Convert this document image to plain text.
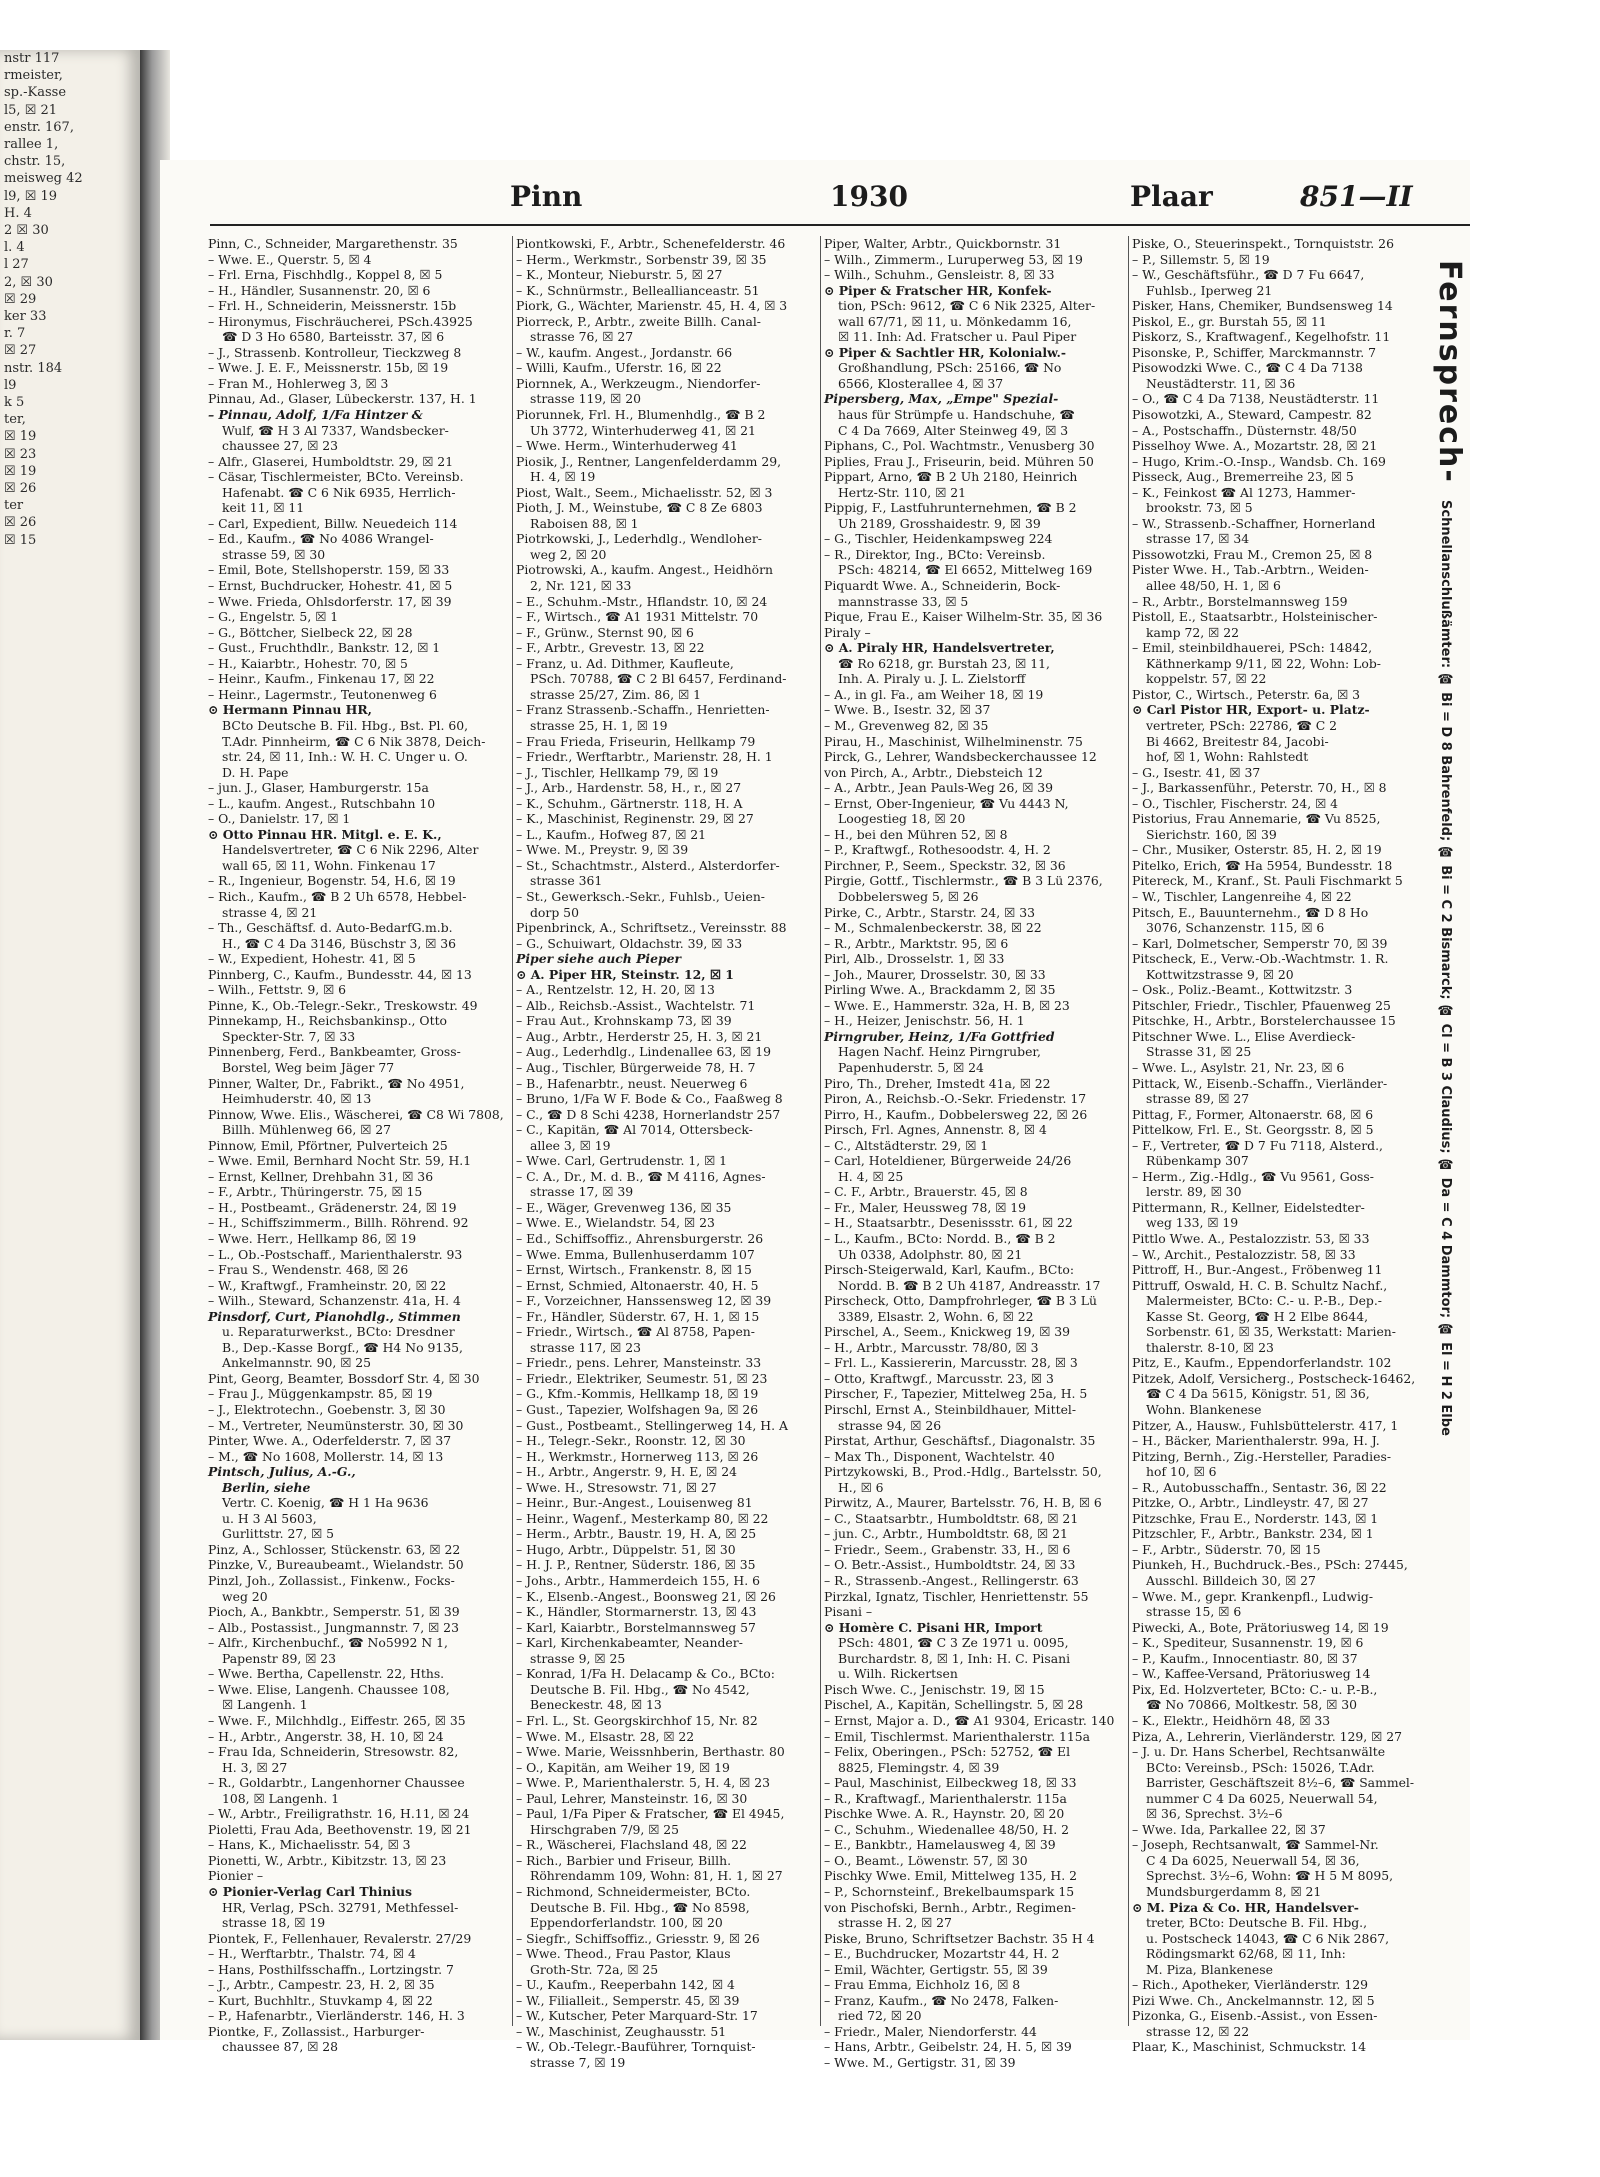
nstr 117
rmeister,
sp.-Kasse
l5, ☒ 21
enstr. 167,
rallee 1,
chstr. 15,
meisweg 42
l9, ☒ 19
H. 4
2 ☒ 30
l. 4
l 27
2, ☒ 30
☒ 29
ker 33
r. 7
☒ 27
nstr. 184
l9
k 5
ter,
☒ 19
☒ 23
☒ 19
☒ 26
ter
☒ 26
☒ 15
Pinn	1930	Plaar	851—II
Pinn, C., Schneider, Margarethenstr. 35
– Wwe. E., Querstr. 5, ☒ 4
– Frl. Erna, Fischhdlg., Koppel 8, ☒ 5
– H., Händler, Susannenstr. 20, ☒ 6
– Frl. H., Schneiderin, Meissnerstr. 15b
– Hironymus, Fischräucherei, PSch.43925
☎ D 3 Ho 6580, Barteisstr. 37, ☒ 6
– J., Strassenb. Kontrolleur, Tieckzweg 8
– Wwe. J. E. F., Meissnerstr. 15b, ☒ 19
– Fran M., Hohlerweg 3, ☒ 3
Pinnau, Ad., Glaser, Lübeckerstr. 137, H. 1
– Pinnau, Adolf, 1/Fa Hintzer &
Wulf, ☎ H 3 Al 7337, Wandsbecker-
chaussee 27, ☒ 23
– Alfr., Glaserei, Humboldtstr. 29, ☒ 21
– Cäsar, Tischlermeister, BCto. Vereinsb.
Hafenabt. ☎ C 6 Nik 6935, Herrlich-
keit 11, ☒ 11
– Carl, Expedient, Billw. Neuedeich 114
– Ed., Kaufm., ☎ No 4086 Wrangel-
strasse 59, ☒ 30
– Emil, Bote, Stellshoperstr. 159, ☒ 33
– Ernst, Buchdrucker, Hohestr. 41, ☒ 5
– Wwe. Frieda, Ohlsdorferstr. 17, ☒ 39
– G., Engelstr. 5, ☒ 1
– G., Böttcher, Sielbeck 22, ☒ 28
– Gust., Fruchthdlr., Bankstr. 12, ☒ 1
– H., Kaiarbtr., Hohestr. 70, ☒ 5
– Heinr., Kaufm., Finkenau 17, ☒ 22
– Heinr., Lagermstr., Teutonenweg 6
⊙ Hermann Pinnau HR,
BCto Deutsche B. Fil. Hbg., Bst. Pl. 60,
T.Adr. Pinnheirm, ☎ C 6 Nik 3878, Deich-
str. 24, ☒ 11, Inh.: W. H. C. Unger u. O.
D. H. Pape
– jun. J., Glaser, Hamburgerstr. 15a
– L., kaufm. Angest., Rutschbahn 10
– O., Danielstr. 17, ☒ 1
⊙ Otto Pinnau HR. Mitgl. e. E. K.,
Handelsvertreter, ☎ C 6 Nik 2296, Alter
wall 65, ☒ 11, Wohn. Finkenau 17
– R., Ingenieur, Bogenstr. 54, H.6, ☒ 19
– Rich., Kaufm., ☎ B 2 Uh 6578, Hebbel-
strasse 4, ☒ 21
– Th., Geschäftsf. d. Auto-BedarfG.m.b.
H., ☎ C 4 Da 3146, Büschstr 3, ☒ 36
– W., Expedient, Hohestr. 41, ☒ 5
Pinnberg, C., Kaufm., Bundesstr. 44, ☒ 13
– Wilh., Fettstr. 9, ☒ 6
Pinne, K., Ob.-Telegr.-Sekr., Treskowstr. 49
Pinnekamp, H., Reichsbankinsp., Otto
Speckter-Str. 7, ☒ 33
Pinnenberg, Ferd., Bankbeamter, Gross-
Borstel, Weg beim Jäger 77
Pinner, Walter, Dr., Fabrikt., ☎ No 4951,
Heimhuderstr. 40, ☒ 13
Pinnow, Wwe. Elis., Wäscherei, ☎ C8 Wi 7808,
Billh. Mühlenweg 66, ☒ 27
Pinnow, Emil, Pförtner, Pulverteich 25
– Wwe. Emil, Bernhard Nocht Str. 59, H.1
– Ernst, Kellner, Drehbahn 31, ☒ 36
– F., Arbtr., Thüringerstr. 75, ☒ 15
– H., Postbeamt., Grädenerstr. 24, ☒ 19
– H., Schiffszimmerm., Billh. Röhrend. 92
– Wwe. Herr., Hellkamp 86, ☒ 19
– L., Ob.-Postschaff., Marienthalerstr. 93
– Frau S., Wendenstr. 468, ☒ 26
– W., Kraftwgf., Framheinstr. 20, ☒ 22
– Wilh., Steward, Schanzenstr. 41a, H. 4
Pinsdorf, Curt, Pianohdlg., Stimmen
u. Reparaturwerkst., BCto: Dresdner
B., Dep.-Kasse Borgf., ☎ H4 No 9135,
Ankelmannstr. 90, ☒ 25
Pint, Georg, Beamter, Bossdorf Str. 4, ☒ 30
– Frau J., Müggenkampstr. 85, ☒ 19
– J., Elektrotechn., Goebenstr. 3, ☒ 30
– M., Vertreter, Neumünsterstr. 30, ☒ 30
Pinter, Wwe. A., Oderfelderstr. 7, ☒ 37
– M., ☎ No 1608, Mollerstr. 14, ☒ 13
Pintsch, Julius, A.-G.,
Berlin, siehe
Vertr. C. Koenig, ☎ H 1 Ha 9636
u. H 3 Al 5603,
Gurlittstr. 27, ☒ 5
Pinz, A., Schlosser, Stückenstr. 63, ☒ 22
Pinzke, V., Bureaubeamt., Wielandstr. 50
Pinzl, Joh., Zollassist., Finkenw., Focks-
weg 20
Pioch, A., Bankbtr., Semperstr. 51, ☒ 39
– Alb., Postassist., Jungmannstr. 7, ☒ 23
– Alfr., Kirchenbuchf., ☎ No5992 N 1,
Papenstr 89, ☒ 23
– Wwe. Bertha, Capellenstr. 22, Hths.
– Wwe. Elise, Langenh. Chaussee 108,
☒ Langenh. 1
– Wwe. F., Milchhdlg., Eiffestr. 265, ☒ 35
– H., Arbtr., Angerstr. 38, H. 10, ☒ 24
– Frau Ida, Schneiderin, Stresowstr. 82,
H. 3, ☒ 27
– R., Goldarbtr., Langenhorner Chaussee
108, ☒ Langenh. 1
– W., Arbtr., Freiligrathstr. 16, H.11, ☒ 24
Pioletti, Frau Ada, Beethovenstr. 19, ☒ 21
– Hans, K., Michaelisstr. 54, ☒ 3
Pionetti, W., Arbtr., Kibitzstr. 13, ☒ 23
Pionier –
⊙ Pionier-Verlag Carl Thinius
HR, Verlag, PSch. 32791, Methfessel-
strasse 18, ☒ 19
Piontek, F., Fellenhauer, Revalerstr. 27/29
– H., Werftarbtr., Thalstr. 74, ☒ 4
– Hans, Posthilfsschaffn., Lortzingstr. 7
– J., Arbtr., Campestr. 23, H. 2, ☒ 35
– Kurt, Buchhltr., Stuvkamp 4, ☒ 22
– P., Hafenarbtr., Vierländerstr. 146, H. 3
Piontke, F., Zollassist., Harburger-
chaussee 87, ☒ 28
Piontkowski, F., Arbtr., Schenefelderstr. 46
– Herm., Werkmstr., Sorbenstr 39, ☒ 35
– K., Monteur, Nieburstr. 5, ☒ 27
– K., Schnürmstr., Belleallianceastr. 51
Piork, G., Wächter, Marienstr. 45, H. 4, ☒ 3
Piorreck, P., Arbtr., zweite Billh. Canal-
strasse 76, ☒ 27
– W., kaufm. Angest., Jordanstr. 66
– Willi, Kaufm., Uferstr. 16, ☒ 22
Piornnek, A., Werkzeugm., Niendorfer-
strasse 119, ☒ 20
Piorunnek, Frl. H., Blumenhdlg., ☎ B 2
Uh 3772, Winterhuderweg 41, ☒ 21
– Wwe. Herm., Winterhuderweg 41
Piosik, J., Rentner, Langenfelderdamm 29,
H. 4, ☒ 19
Piost, Walt., Seem., Michaelisstr. 52, ☒ 3
Pioth, J. M., Weinstube, ☎ C 8 Ze 6803
Raboisen 88, ☒ 1
Piotrkowski, J., Lederhdlg., Wendloher-
weg 2, ☒ 20
Piotrowski, A., kaufm. Angest., Heidhörn
2, Nr. 121, ☒ 33
– E., Schuhm.-Mstr., Hflandstr. 10, ☒ 24
– F., Wirtsch., ☎ A1 1931 Mittelstr. 70
– F., Grünw., Sternst 90, ☒ 6
– F., Arbtr., Grevestr. 13, ☒ 22
– Franz, u. Ad. Dithmer, Kaufleute,
PSch. 70788, ☎ C 2 Bl 6457, Ferdinand-
strasse 25/27, Zim. 86, ☒ 1
– Franz Strassenb.-Schaffn., Henrietten-
strasse 25, H. 1, ☒ 19
– Frau Frieda, Friseurin, Hellkamp 79
– Friedr., Werftarbtr., Marienstr. 28, H. 1
– J., Tischler, Hellkamp 79, ☒ 19
– J., Arb., Hardenstr. 58, H., r., ☒ 27
– K., Schuhm., Gärtnerstr. 118, H. A
– K., Maschinist, Reginenstr. 29, ☒ 27
– L., Kaufm., Hofweg 87, ☒ 21
– Wwe. M., Preystr. 9, ☒ 39
– St., Schachtmstr., Alsterd., Alsterdorfer-
strasse 361
– St., Gewerksch.-Sekr., Fuhlsb., Ueien-
dorp 50
Pipenbrinck, A., Schriftsetz., Vereinsstr. 88
– G., Schuiwart, Oldachstr. 39, ☒ 33
Piper siehe auch Pieper
⊙ A. Piper HR, Steinstr. 12, ☒ 1
– A., Rentzelstr. 12, H. 20, ☒ 13
– Alb., Reichsb.-Assist., Wachtelstr. 71
– Frau Aut., Krohnskamp 73, ☒ 39
– Aug., Arbtr., Herderstr 25, H. 3, ☒ 21
– Aug., Lederhdlg., Lindenallee 63, ☒ 19
– Aug., Tischler, Bürgerweide 78, H. 7
– B., Hafenarbtr., neust. Neuerweg 6
– Bruno, 1/Fa W F. Bode & Co., Faaßweg 8
– C., ☎ D 8 Schi 4238, Hornerlandstr 257
– C., Kapitän, ☎ Al 7014, Ottersbeck-
allee 3, ☒ 19
– Wwe. Carl, Gertrudenstr. 1, ☒ 1
– C. A., Dr., M. d. B., ☎ M 4116, Agnes-
strasse 17, ☒ 39
– E., Wäger, Grevenweg 136, ☒ 35
– Wwe. E., Wielandstr. 54, ☒ 23
– Ed., Schiffsoffiz., Ahrensburgerstr. 26
– Wwe. Emma, Bullenhuserdamm 107
– Ernst, Wirtsch., Frankenstr. 8, ☒ 15
– Ernst, Schmied, Altonaerstr. 40, H. 5
– F., Vorzeichner, Hanssensweg 12, ☒ 39
– Fr., Händler, Süderstr. 67, H. 1, ☒ 15
– Friedr., Wirtsch., ☎ Al 8758, Papen-
strasse 117, ☒ 23
– Friedr., pens. Lehrer, Mansteinstr. 33
– Friedr., Elektriker, Seumestr. 51, ☒ 23
– G., Kfm.-Kommis, Hellkamp 18, ☒ 19
– Gust., Tapezier, Wolfshagen 9a, ☒ 26
– Gust., Postbeamt., Stellingerweg 14, H. A
– H., Telegr.-Sekr., Roonstr. 12, ☒ 30
– H., Werkmstr., Hornerweg 113, ☒ 26
– H., Arbtr., Angerstr. 9, H. E, ☒ 24
– Wwe. H., Stresowstr. 71, ☒ 27
– Heinr., Bur.-Angest., Louisenweg 81
– Heinr., Wagenf., Mesterkamp 80, ☒ 22
– Herm., Arbtr., Baustr. 19, H. A, ☒ 25
– Hugo, Arbtr., Düppelstr. 51, ☒ 30
– H. J. P., Rentner, Süderstr. 186, ☒ 35
– Johs., Arbtr., Hammerdeich 155, H. 6
– K., Elsenb.-Angest., Boonsweg 21, ☒ 26
– K., Händler, Stormarnerstr. 13, ☒ 43
– Karl, Kaiarbtr., Borstelmannsweg 57
– Karl, Kirchenkabeamter, Neander-
strasse 9, ☒ 25
– Konrad, 1/Fa H. Delacamp & Co., BCto:
Deutsche B. Fil. Hbg., ☎ No 4542,
Beneckestr. 48, ☒ 13
– Frl. L., St. Georgskirchhof 15, Nr. 82
– Wwe. M., Elsastr. 28, ☒ 22
– Wwe. Marie, Weissnhberin, Berthastr. 80
– O., Kapitän, am Weiher 19, ☒ 19
– Wwe. P., Marienthalerstr. 5, H. 4, ☒ 23
– Paul, Lehrer, Mansteinstr. 16, ☒ 30
– Paul, 1/Fa Piper & Fratscher, ☎ El 4945,
Hirschgraben 7/9, ☒ 25
– R., Wäscherei, Flachsland 48, ☒ 22
– Rich., Barbier und Friseur, Billh.
Röhrendamm 109, Wohn: 81, H. 1, ☒ 27
– Richmond, Schneidermeister, BCto.
Deutsche B. Fil. Hbg., ☎ No 8598,
Eppendorferlandstr. 100, ☒ 20
– Siegfr., Schiffsoffiz., Griesstr. 9, ☒ 26
– Wwe. Theod., Frau Pastor, Klaus
Groth-Str. 72a, ☒ 25
– U., Kaufm., Reeperbahn 142, ☒ 4
– W., Filialleit., Semperstr. 45, ☒ 39
– W., Kutscher, Peter Marquard-Str. 17
– W., Maschinist, Zeughausstr. 51
– W., Ob.-Telegr.-Bauführer, Tornquist-
strasse 7, ☒ 19
Piper, Walter, Arbtr., Quickbornstr. 31
– Wilh., Zimmerm., Luruperweg 53, ☒ 19
– Wilh., Schuhm., Gensleistr. 8, ☒ 33
⊙ Piper & Fratscher HR, Konfek-
tion, PSch: 9612, ☎ C 6 Nik 2325, Alter-
wall 67/71, ☒ 11, u. Mönkedamm 16,
☒ 11. Inh: Ad. Fratscher u. Paul Piper
⊙ Piper & Sachtler HR, Kolonialw.-
Großhandlung, PSch: 25166, ☎ No
6566, Klosterallee 4, ☒ 37
Pipersberg, Max, „Empe" Spezial-
haus für Strümpfe u. Handschuhe, ☎
C 4 Da 7669, Alter Steinweg 49, ☒ 3
Piphans, C., Pol. Wachtmstr., Venusberg 30
Piplies, Frau J., Friseurin, beid. Mühren 50
Pippart, Arno, ☎ B 2 Uh 2180, Heinrich
Hertz-Str. 110, ☒ 21
Pippig, F., Lastfuhrunternehmen, ☎ B 2
Uh 2189, Grosshaidestr. 9, ☒ 39
– G., Tischler, Heidenkampsweg 224
– R., Direktor, Ing., BCto: Vereinsb.
PSch: 48214, ☎ El 6652, Mittelweg 169
Piquardt Wwe. A., Schneiderin, Bock-
mannstrasse 33, ☒ 5
Pique, Frau E., Kaiser Wilhelm-Str. 35, ☒ 36
Piraly –
⊙ A. Piraly HR, Handelsvertreter,
☎ Ro 6218, gr. Burstah 23, ☒ 11,
Inh. A. Piraly u. J. L. Zielstorff
– A., in gl. Fa., am Weiher 18, ☒ 19
– Wwe. B., Isestr. 32, ☒ 37
– M., Grevenweg 82, ☒ 35
Pirau, H., Maschinist, Wilhelminenstr. 75
Pirck, G., Lehrer, Wandsbeckerchaussee 12
von Pirch, A., Arbtr., Diebsteich 12
– A., Arbtr., Jean Pauls-Weg 26, ☒ 39
– Ernst, Ober-Ingenieur, ☎ Vu 4443 N,
Loogestieg 18, ☒ 20
– H., bei den Mühren 52, ☒ 8
– P., Kraftwgf., Rothesoodstr. 4, H. 2
Pirchner, P., Seem., Speckstr. 32, ☒ 36
Pirgie, Gottf., Tischlermstr., ☎ B 3 Lü 2376,
Dobbelersweg 5, ☒ 26
Pirke, C., Arbtr., Starstr. 24, ☒ 33
– M., Schmalenbeckerstr. 38, ☒ 22
– R., Arbtr., Marktstr. 95, ☒ 6
Pirl, Alb., Drosselstr. 1, ☒ 33
– Joh., Maurer, Drosselstr. 30, ☒ 33
Pirling Wwe. A., Brackdamm 2, ☒ 35
– Wwe. E., Hammerstr. 32a, H. B, ☒ 23
– H., Heizer, Jenischstr. 56, H. 1
Pirngruber, Heinz, 1/Fa Gottfried
Hagen Nachf. Heinz Pirngruber,
Papenhuderstr. 5, ☒ 24
Piro, Th., Dreher, Imstedt 41a, ☒ 22
Piron, A., Reichsb.-O.-Sekr. Friedenstr. 17
Pirro, H., Kaufm., Dobbelersweg 22, ☒ 26
Pirsch, Frl. Agnes, Annenstr. 8, ☒ 4
– C., Altstädterstr. 29, ☒ 1
– Carl, Hoteldiener, Bürgerweide 24/26
H. 4, ☒ 25
– C. F., Arbtr., Brauerstr. 45, ☒ 8
– Fr., Maler, Heussweg 78, ☒ 19
– H., Staatsarbtr., Desenissstr. 61, ☒ 22
– L., Kaufm., BCto: Nordd. B., ☎ B 2
Uh 0338, Adolphstr. 80, ☒ 21
Pirsch-Steigerwald, Karl, Kaufm., BCto:
Nordd. B. ☎ B 2 Uh 4187, Andreasstr. 17
Pirscheck, Otto, Dampfrohrleger, ☎ B 3 Lü
3389, Elsastr. 2, Wohn. 6, ☒ 22
Pirschel, A., Seem., Knickweg 19, ☒ 39
– H., Arbtr., Marcusstr. 78/80, ☒ 3
– Frl. L., Kassiererin, Marcusstr. 28, ☒ 3
– Otto, Kraftwgf., Marcusstr. 23, ☒ 3
Pirscher, F., Tapezier, Mittelweg 25a, H. 5
Pirschl, Ernst A., Steinbildhauer, Mittel-
strasse 94, ☒ 26
Pirstat, Arthur, Geschäftsf., Diagonalstr. 35
– Max Th., Disponent, Wachtelstr. 40
Pirtzykowski, B., Prod.-Hdlg., Bartelsstr. 50,
H., ☒ 6
Pirwitz, A., Maurer, Bartelsstr. 76, H. B, ☒ 6
– C., Staatsarbtr., Humboldtstr. 68, ☒ 21
– jun. C., Arbtr., Humboldtstr. 68, ☒ 21
– Friedr., Seem., Grabenstr. 33, H., ☒ 6
– O. Betr.-Assist., Humboldtstr. 24, ☒ 33
– R., Strassenb.-Angest., Rellingerstr. 63
Pirzkal, Ignatz, Tischler, Henriettenstr. 55
Pisani –
⊙ Homère C. Pisani HR, Import
PSch: 4801, ☎ C 3 Ze 1971 u. 0095,
Burchardstr. 8, ☒ 1, Inh: H. C. Pisani
u. Wilh. Rickertsen
Pisch Wwe. C., Jenischstr. 19, ☒ 15
Pischel, A., Kapitän, Schellingstr. 5, ☒ 28
– Ernst, Major a. D., ☎ A1 9304, Ericastr. 140
– Emil, Tischlermst. Marienthalerstr. 115a
– Felix, Oberingen., PSch: 52752, ☎ El
8825, Flemingstr. 4, ☒ 39
– Paul, Maschinist, Eilbeckweg 18, ☒ 33
– R., Kraftwagf., Marienthalerstr. 115a
Pischke Wwe. A. R., Haynstr. 20, ☒ 20
– C., Schuhm., Wiedenallee 48/50, H. 2
– E., Bankbtr., Hamelausweg 4, ☒ 39
– O., Beamt., Löwenstr. 57, ☒ 30
Pischky Wwe. Emil, Mittelweg 135, H. 2
– P., Schornsteinf., Brekelbaumspark 15
von Pischofski, Bernh., Arbtr., Regimen-
strasse H. 2, ☒ 27
Piske, Bruno, Schriftsetzer Bachstr. 35 H 4
– E., Buchdrucker, Mozartstr 44, H. 2
– Emil, Wächter, Gertigstr. 55, ☒ 39
– Frau Emma, Eichholz 16, ☒ 8
– Franz, Kaufm., ☎ No 2478, Falken-
ried 72, ☒ 20
– Friedr., Maler, Niendorferstr. 44
– Hans, Arbtr., Geibelstr. 24, H. 5, ☒ 39
– Wwe. M., Gertigstr. 31, ☒ 39
Piske, O., Steuerinspekt., Tornquiststr. 26
– P., Sillemstr. 5, ☒ 19
– W., Geschäftsführ., ☎ D 7 Fu 6647,
Fuhlsb., Iperweg 21
Pisker, Hans, Chemiker, Bundsensweg 14
Piskol, E., gr. Burstah 55, ☒ 11
Piskorz, S., Kraftwagenf., Kegelhofstr. 11
Pisonske, P., Schiffer, Marckmannstr. 7
Pisowodzki Wwe. C., ☎ C 4 Da 7138
Neustädterstr. 11, ☒ 36
– O., ☎ C 4 Da 7138, Neustädterstr. 11
Pisowotzki, A., Steward, Campestr. 82
– A., Postschaffn., Düsternstr. 48/50
Pisselhoy Wwe. A., Mozartstr. 28, ☒ 21
– Hugo, Krim.-O.-Insp., Wandsb. Ch. 169
Pisseck, Aug., Bremerreihe 23, ☒ 5
– K., Feinkost ☎ Al 1273, Hammer-
brookstr. 73, ☒ 5
– W., Strassenb.-Schaffner, Hornerland
strasse 17, ☒ 34
Pissowotzki, Frau M., Cremon 25, ☒ 8
Pister Wwe. H., Tab.-Arbtrn., Weiden-
allee 48/50, H. 1, ☒ 6
– R., Arbtr., Borstelmannsweg 159
Pistoll, E., Staatsarbtr., Holsteinischer-
kamp 72, ☒ 22
– Emil, steinbildhauerei, PSch: 14842,
Käthnerkamp 9/11, ☒ 22, Wohn: Lob-
koppelstr. 57, ☒ 22
Pistor, C., Wirtsch., Peterstr. 6a, ☒ 3
⊙ Carl Pistor HR, Export- u. Platz-
vertreter, PSch: 22786, ☎ C 2
Bi 4662, Breitestr 84, Jacobi-
hof, ☒ 1, Wohn: Rahlstedt
– G., Isestr. 41, ☒ 37
– J., Barkassenführ., Peterstr. 70, H., ☒ 8
– O., Tischler, Fischerstr. 24, ☒ 4
Pistorius, Frau Annemarie, ☎ Vu 8525,
Sierichstr. 160, ☒ 39
– Chr., Musiker, Osterstr. 85, H. 2, ☒ 19
Pitelko, Erich, ☎ Ha 5954, Bundesstr. 18
Pitereck, M., Kranf., St. Pauli Fischmarkt 5
– W., Tischler, Langenreihe 4, ☒ 22
Pitsch, E., Bauunternehm., ☎ D 8 Ho
3076, Schanzenstr. 115, ☒ 6
– Karl, Dolmetscher, Semperstr 70, ☒ 39
Pitscheck, E., Verw.-Ob.-Wachtmstr. 1. R.
Kottwitzstrasse 9, ☒ 20
– Osk., Poliz.-Beamt., Kottwitzstr. 3
Pitschler, Friedr., Tischler, Pfauenweg 25
Pitschke, H., Arbtr., Borstelerchaussee 15
Pitschner Wwe. L., Elise Averdieck-
Strasse 31, ☒ 25
– Wwe. L., Asylstr. 21, Nr. 23, ☒ 6
Pittack, W., Eisenb.-Schaffn., Vierländer-
strasse 89, ☒ 27
Pittag, F., Former, Altonaerstr. 68, ☒ 6
Pittelkow, Frl. E., St. Georgsstr. 8, ☒ 5
– F., Vertreter, ☎ D 7 Fu 7118, Alsterd.,
Rübenkamp 307
– Herm., Zig.-Hdlg., ☎ Vu 9561, Goss-
lerstr. 89, ☒ 30
Pittermann, R., Kellner, Eidelstedter-
weg 133, ☒ 19
Pittlo Wwe. A., Pestalozzistr. 53, ☒ 33
– W., Archit., Pestalozzistr. 58, ☒ 33
Pittroff, H., Bur.-Angest., Fröbenweg 11
Pittruff, Oswald, H. C. B. Schultz Nachf.,
Malermeister, BCto: C.- u. P.-B., Dep.-
Kasse St. Georg, ☎ H 2 Elbe 8644,
Sorbenstr. 61, ☒ 35, Werkstatt: Marien-
thalerstr. 8-10, ☒ 23
Pitz, E., Kaufm., Eppendorferlandstr. 102
Pitzek, Adolf, Versicherg., Postscheck-16462,
☎ C 4 Da 5615, Königstr. 51, ☒ 36,
Wohn. Blankenese
Pitzer, A., Hausw., Fuhlsbüttelerstr. 417, 1
– H., Bäcker, Marienthalerstr. 99a, H. J.
Pitzing, Bernh., Zig.-Hersteller, Paradies-
hof 10, ☒ 6
– R., Autobusschaffn., Sentastr. 36, ☒ 22
Pitzke, O., Arbtr., Lindleystr. 47, ☒ 27
Pitzschke, Frau E., Norderstr. 143, ☒ 1
Pitzschler, F., Arbtr., Bankstr. 234, ☒ 1
– F., Arbtr., Süderstr. 70, ☒ 15
Piunkeh, H., Buchdruck.-Bes., PSch: 27445,
Ausschl. Billdeich 30, ☒ 27
– Wwe. M., gepr. Krankenpfl., Ludwig-
strasse 15, ☒ 6
Piwecki, A., Bote, Prätoriusweg 14, ☒ 19
– K., Spediteur, Susannenstr. 19, ☒ 6
– P., Kaufm., Innocentiastr. 80, ☒ 37
– W., Kaffee-Versand, Prätoriusweg 14
Pix, Ed. Holzverteter, BCto: C.- u. P.-B.,
☎ No 70866, Moltkestr. 58, ☒ 30
– K., Elektr., Heidhörn 48, ☒ 33
Piza, A., Lehrerin, Vierländerstr. 129, ☒ 27
– J. u. Dr. Hans Scherbel, Rechtsanwälte
BCto: Vereinsb., PSch: 15026, T.Adr.
Barrister, Geschäftszeit 8½–6, ☎ Sammel-
nummer C 4 Da 6025, Neuerwall 54,
☒ 36, Sprechst. 3½–6
– Wwe. Ida, Parkallee 22, ☒ 37
– Joseph, Rechtsanwalt, ☎ Sammel-Nr.
C 4 Da 6025, Neuerwall 54, ☒ 36,
Sprechst. 3½–6, Wohn: ☎ H 5 M 8095,
Mundsburgerdamm 8, ☒ 21
⊙ M. Piza & Co. HR, Handelsver-
treter, BCto: Deutsche B. Fil. Hbg.,
u. Postscheck 14043, ☎ C 6 Nik 2867,
Rödingsmarkt 62/68, ☒ 11, Inh:
M. Piza, Blankenese
– Rich., Apotheker, Vierländerstr. 129
Pizi Wwe. Ch., Anckelmannstr. 12, ☒ 5
Pizonka, G., Eisenb.-Assist., von Essen-
strasse 12, ☒ 22
Plaar, K., Maschinist, Schmuckstr. 14
Fernsprech-
Schnellanschlußämter: ☎ Bi = D 8 Bahrenfeld; ☎ Bi = C 2 Bismarck; ☎ Cl = B 3 Claudius; ☎ Da = C 4 Dammtor; ☎ El = H 2 Elbe
